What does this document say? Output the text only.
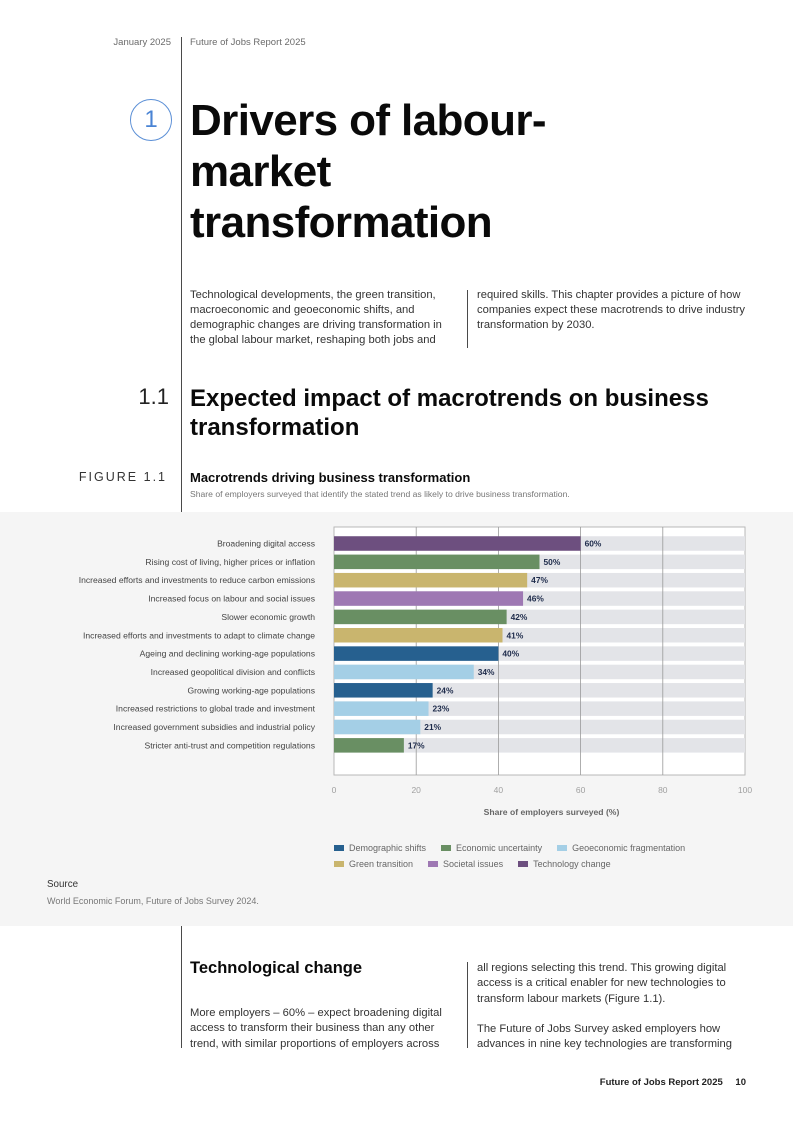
January 2025 Future of Jobs Report 2025
1 Drivers of labour-market transformation
Technological developments, the green transition, macroeconomic and geoeconomic shifts, and demographic changes are driving transformation in the global labour market, reshaping both jobs and
required skills. This chapter provides a picture of how companies expect these macrotrends to drive industry transformation by 2030.
1.1 Expected impact of macrotrends on business transformation
FIGURE 1.1 Macrotrends driving business transformation
Share of employers surveyed that identify the stated trend as likely to drive business transformation.
0	20	40	60	80	100
Broadening digital access	60%
Rising cost of living, higher prices or inflation	50%
Increased efforts and investments to reduce carbon emissions	47%
Increased focus on labour and social issues	46%
Slower economic growth	42%
Increased efforts and investments to adapt to climate change	41%
Ageing and declining working-age populations	40%
Increased geopolitical division and conflicts	34%
Growing working-age populations	24%
Increased restrictions to global trade and investment	23%
Increased government subsidies and industrial policy	21%
Stricter anti-trust and competition regulations	17%
Share of employers surveyed (%)
Demographic shifts	Economic uncertainty	Geoeconomic fragmentation
Green transition	Societal issues	Technology change
Source
World Economic Forum, Future of Jobs Survey 2024.
Technological change
More employers – 60% – expect broadening digital access to transform their business than any other trend, with similar proportions of employers across

all regions selecting this trend. This growing digital access is a critical enabler for new technologies to transform labour markets (Figure 1.1).

The Future of Jobs Survey asked employers how advances in nine key technologies are transforming

Future of Jobs Report 2025 10
